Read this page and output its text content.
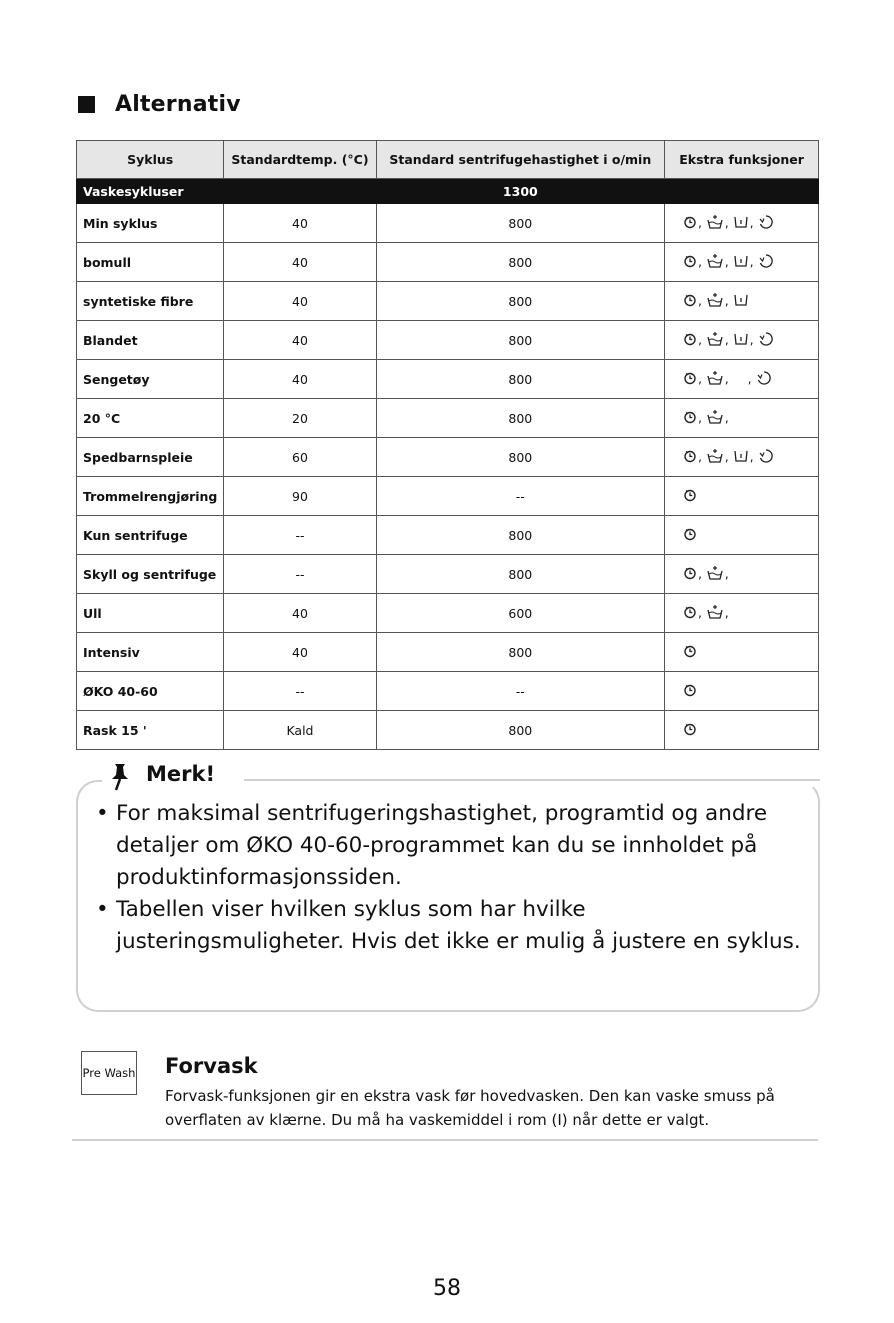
Alternativ
Syklus	Standardtemp. (°C)	Standard sentrifugehastighet i o/min	Ekstra funksjoner
Vaskesykluser		1300	
Min syklus	40	800	, , ,
bomull	40	800	, , ,
syntetiske fibre	40	800	, ,
Blandet	40	800	, , ,
Sengetøy	40	800	, , ,
20 °C	20	800	, ,
Spedbarnspleie	60	800	, , ,
Trommelrengjøring	90	--	
Kun sentrifuge	--	800	
Skyll og sentrifuge	--	800	, ,
Ull	40	600	, ,
Intensiv	40	800	
ØKO 40-60	--	--	
Rask 15 '	Kald	800	
Merk!
• For maksimal sentrifugeringshastighet, programtid og andre detaljer om ØKO 40-60-programmet kan du se innholdet på produktinformasjonssiden.
• Tabellen viser hvilken syklus som har hvilke justeringsmuligheter. Hvis det ikke er mulig å justere en syklus.
Pre Wash Forvask
Forvask-funksjonen gir en ekstra vask før hovedvasken. Den kan vaske smuss på overflaten av klærne. Du må ha vaskemiddel i rom (I) når dette er valgt.
58
